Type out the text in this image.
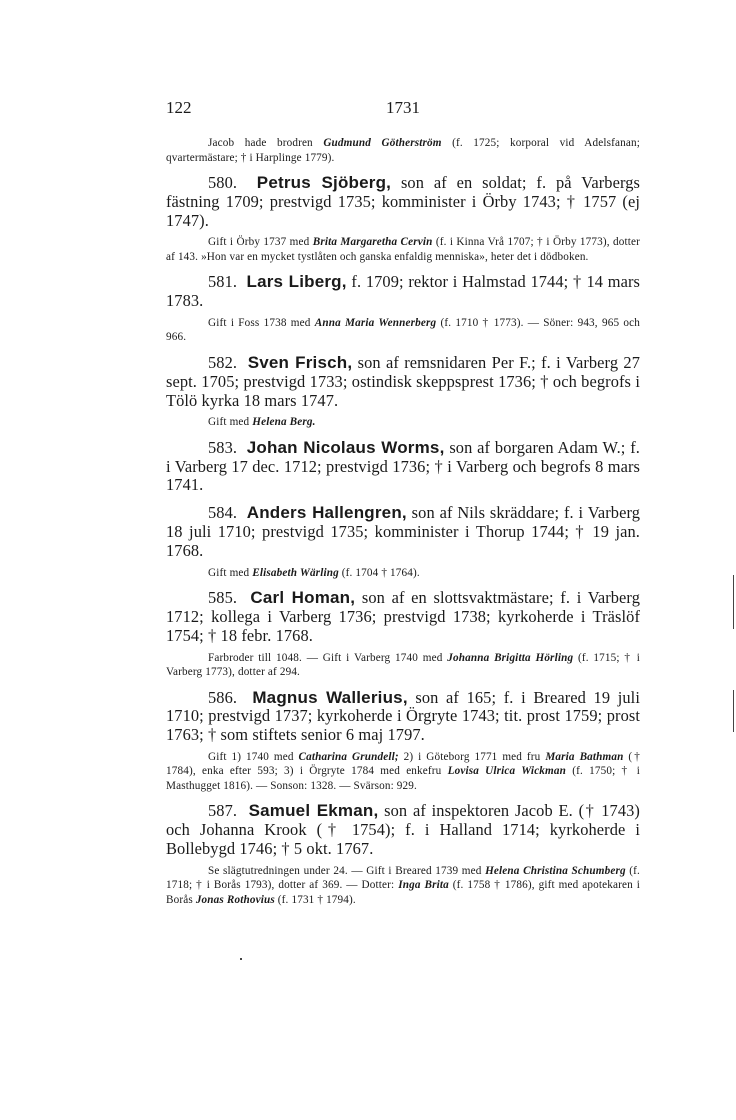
122	1731

Jacob hade brodren Gudmund Götherström (f. 1725; korporal vid Adelsfanan; qvartermästare; † i Harplinge 1779).

580. Petrus Sjöberg, son af en soldat; f. på Varbergs fästning 1709; prestvigd 1735; komminister i Örby 1743; † 1757 (ej 1747).

Gift i Örby 1737 med Brita Margaretha Cervin (f. i Kinna Vrå 1707; † i Örby 1773), dotter af 143. »Hon var en mycket tystlåten och ganska enfaldig menniska», heter det i dödboken.

581. Lars Liberg, f. 1709; rektor i Halmstad 1744; † 14 mars 1783.

Gift i Foss 1738 med Anna Maria Wennerberg (f. 1710 † 1773). — Söner: 943, 965 och 966.

582. Sven Frisch, son af remsnidaren Per F.; f. i Varberg 27 sept. 1705; prestvigd 1733; ostindisk skeppsprest 1736; † och begrofs i Tölö kyrka 18 mars 1747.

Gift med Helena Berg.

583. Johan Nicolaus Worms, son af borgaren Adam W.; f. i Varberg 17 dec. 1712; prestvigd 1736; † i Varberg och begrofs 8 mars 1741.

584. Anders Hallengren, son af Nils skräddare; f. i Varberg 18 juli 1710; prestvigd 1735; komminister i Thorup 1744; † 19 jan. 1768.

Gift med Elisabeth Wärling (f. 1704 † 1764).

585. Carl Homan, son af en slottsvaktmästare; f. i Varberg 1712; kollega i Varberg 1736; prestvigd 1738; kyrkoherde i Träslöf 1754; † 18 febr. 1768.

Farbroder till 1048. — Gift i Varberg 1740 med Johanna Brigitta Hörling (f. 1715; † i Varberg 1773), dotter af 294.

586. Magnus Wallerius, son af 165; f. i Breared 19 juli 1710; prestvigd 1737; kyrkoherde i Örgryte 1743; tit. prost 1759; prost 1763; † som stiftets senior 6 maj 1797.

Gift 1) 1740 med Catharina Grundell; 2) i Göteborg 1771 med fru Maria Bathman († 1784), enka efter 593; 3) i Örgryte 1784 med enkefru Lovisa Ulrica Wickman (f. 1750; † i Masthugget 1816). — Sonson: 1328. — Svärson: 929.

587. Samuel Ekman, son af inspektoren Jacob E. († 1743) och Johanna Krook († 1754); f. i Halland 1714; kyrkoherde i Bollebygd 1746; † 5 okt. 1767.

Se slägtutredningen under 24. — Gift i Breared 1739 med Helena Christina Schumberg (f. 1718; † i Borås 1793), dotter af 369. — Dotter: Inga Brita (f. 1758 † 1786), gift med apotekaren i Borås Jonas Rothovius (f. 1731 † 1794).
